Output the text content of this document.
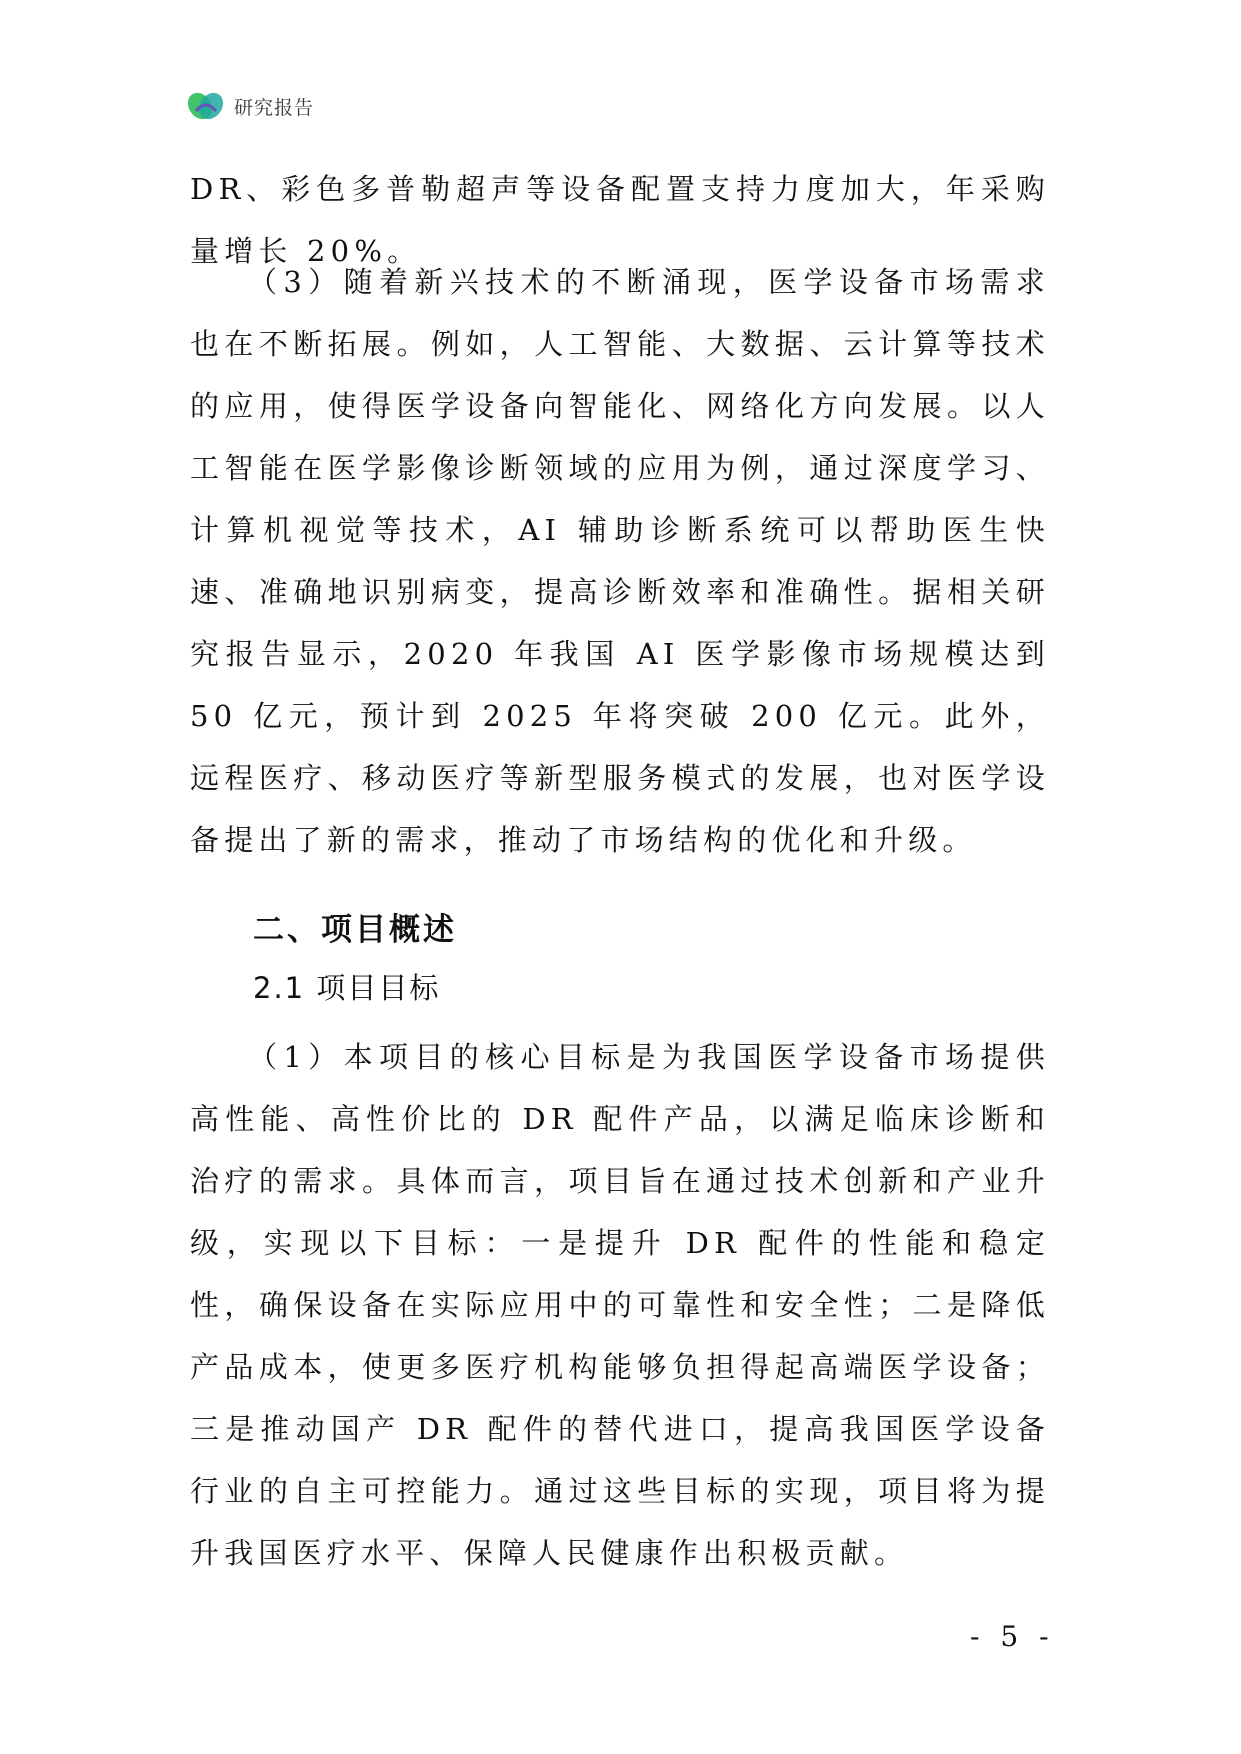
研究报告

DR、彩色多普勒超声等设备配置支持力度加大，年采购量增长 20%。

（3）随着新兴技术的不断涌现，医学设备市场需求也在不断拓展。例如，人工智能、大数据、云计算等技术的应用，使得医学设备向智能化、网络化方向发展。以人工智能在医学影像诊断领域的应用为例，通过深度学习、计算机视觉等技术，AI 辅助诊断系统可以帮助医生快速、准确地识别病变，提高诊断效率和准确性。据相关研究报告显示，2020 年我国 AI 医学影像市场规模达到 50 亿元，预计到 2025 年将突破 200 亿元。此外，远程医疗、移动医疗等新型服务模式的发展，也对医学设备提出了新的需求，推动了市场结构的优化和升级。

二、项目概述
2.1 项目目标

（1）本项目的核心目标是为我国医学设备市场提供高性能、高性价比的 DR 配件产品，以满足临床诊断和治疗的需求。具体而言，项目旨在通过技术创新和产业升级，实现以下目标：一是提升 DR 配件的性能和稳定性，确保设备在实际应用中的可靠性和安全性；二是降低产品成本，使更多医疗机构能够负担得起高端医学设备；三是推动国产 DR 配件的替代进口，提高我国医学设备行业的自主可控能力。通过这些目标的实现，项目将为提升我国医疗水平、保障人民健康作出积极贡献。

- 5 -
